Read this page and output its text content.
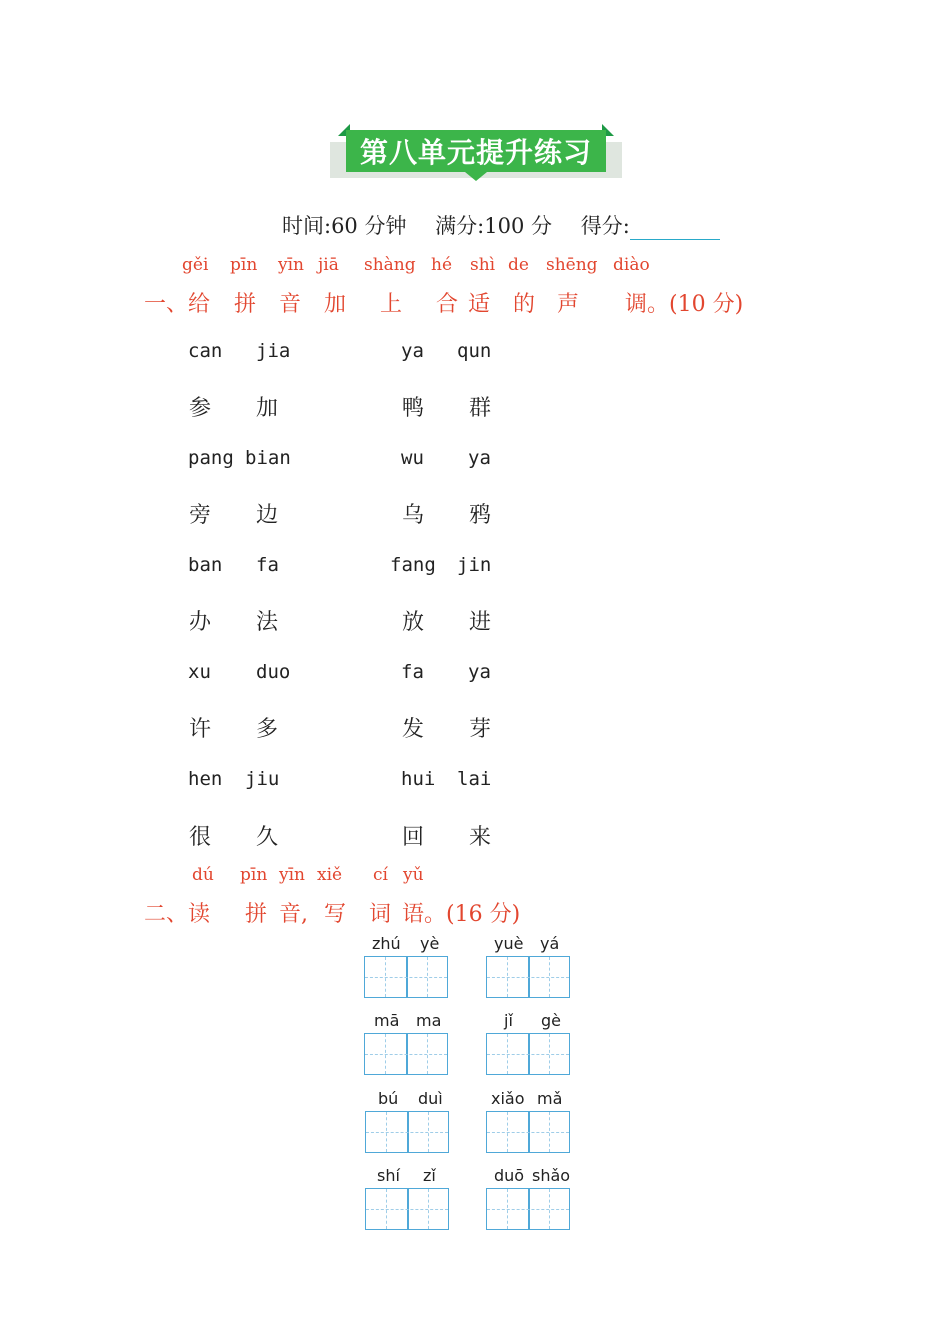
第八单元提升练习
时间:60 分钟 满分:100 分 得分:
gěi pīn yīn jiā shàng hé shì de shēng diào
一、给 拼 音 加 上 合 适 的 声 调。(10 分)
can jia	ya qun
参 加	鸭 群
pang bian	wu ya
旁 边	乌 鸦
ban fa	fang jin
办 法	放 进
xu duo	fa ya
许 多	发 芽
hen jiu	hui lai
很 久	回 来
dú pīn yīn xiě cí yǔ
二、读 拼 音, 写 词 语。(16 分)
zhú yè	yuè yá
mā ma	jǐ gè
bú duì	xiǎo mǎ
shí zǐ	duō shǎo
